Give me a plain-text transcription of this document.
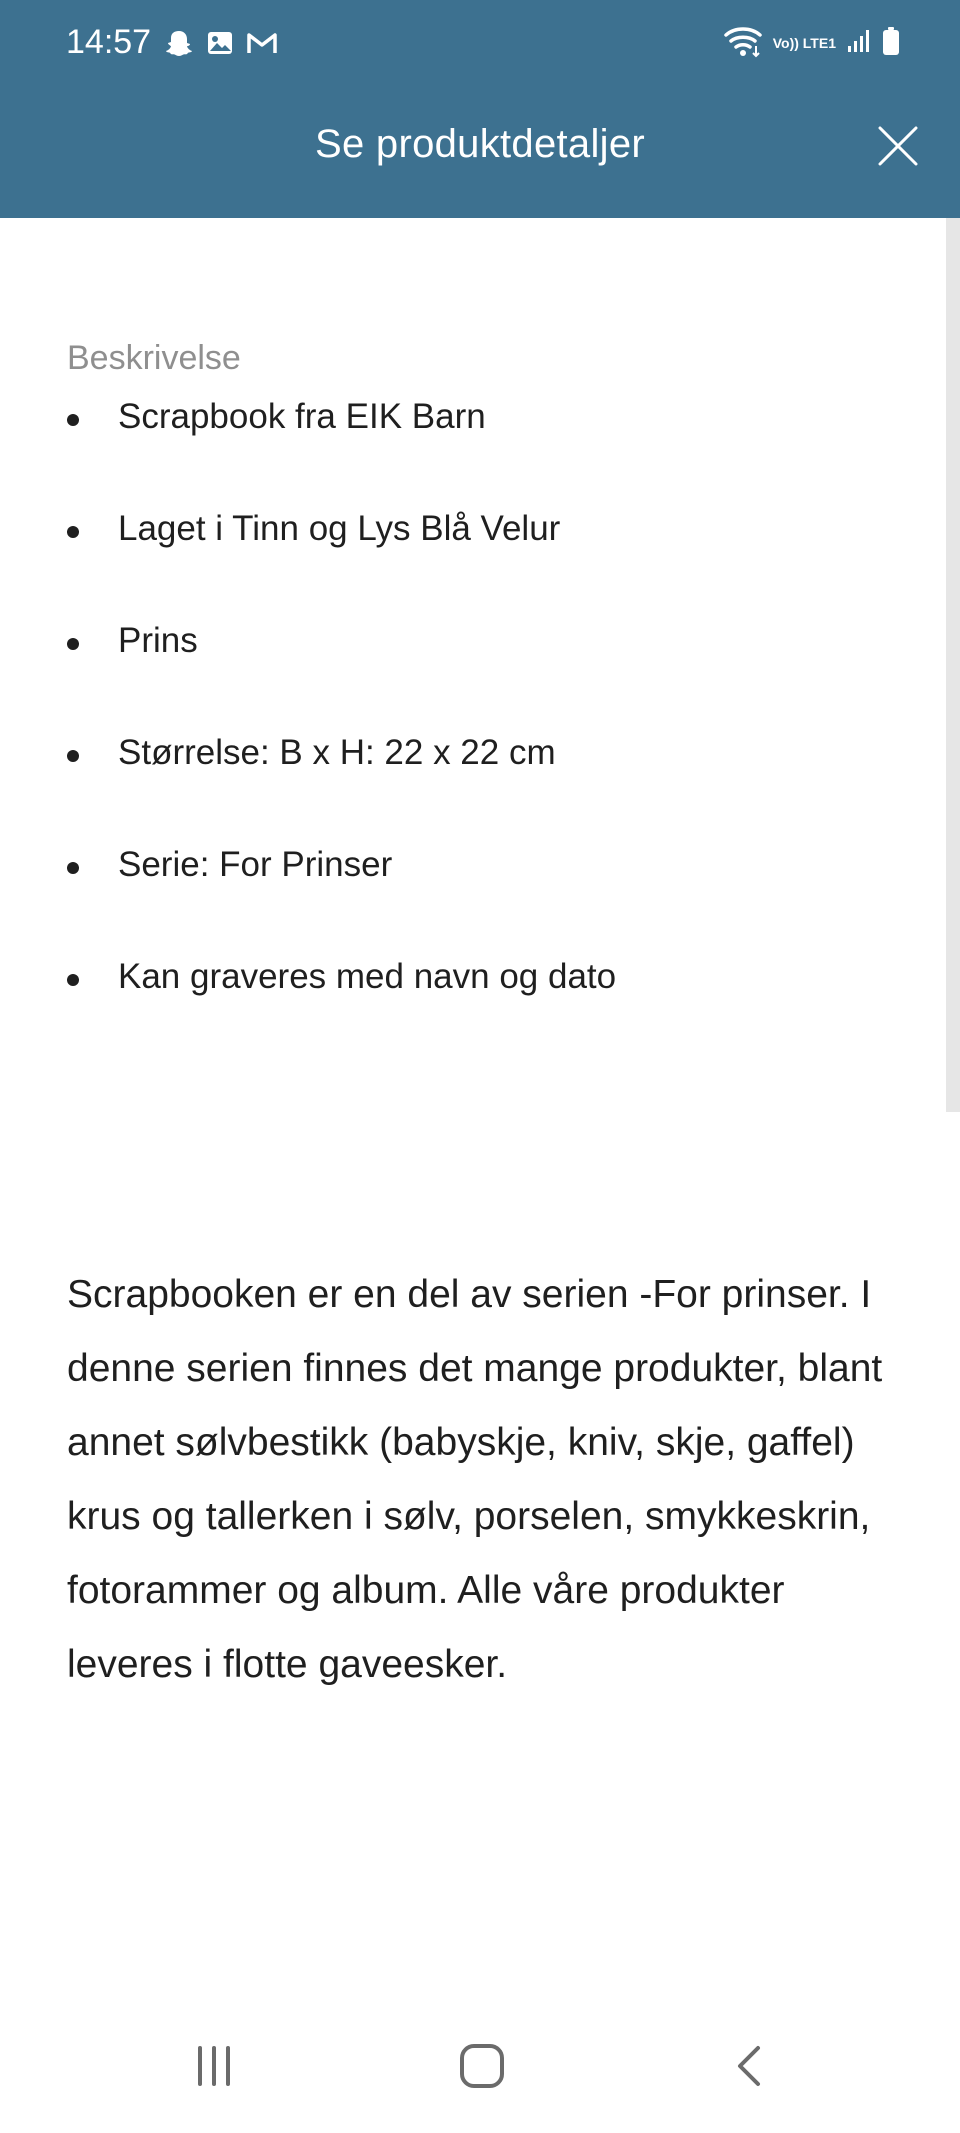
14:57	Vo)) LTE1
Se produktdetaljer
Beskrivelse
Scrapbook fra EIK Barn
Laget i Tinn og Lys Blå Velur
Prins
Størrelse: B x H: 22 x 22 cm
Serie: For Prinser
Kan graveres med navn og dato

Scrapbooken er en del av serien -For prinser. I denne serien finnes det mange produkter, blant annet sølvbestikk (babyskje, kniv, skje, gaffel) krus og tallerken i sølv, porselen, smykkeskrin, fotorammer og album. Alle våre produkter leveres i flotte gaveesker.
